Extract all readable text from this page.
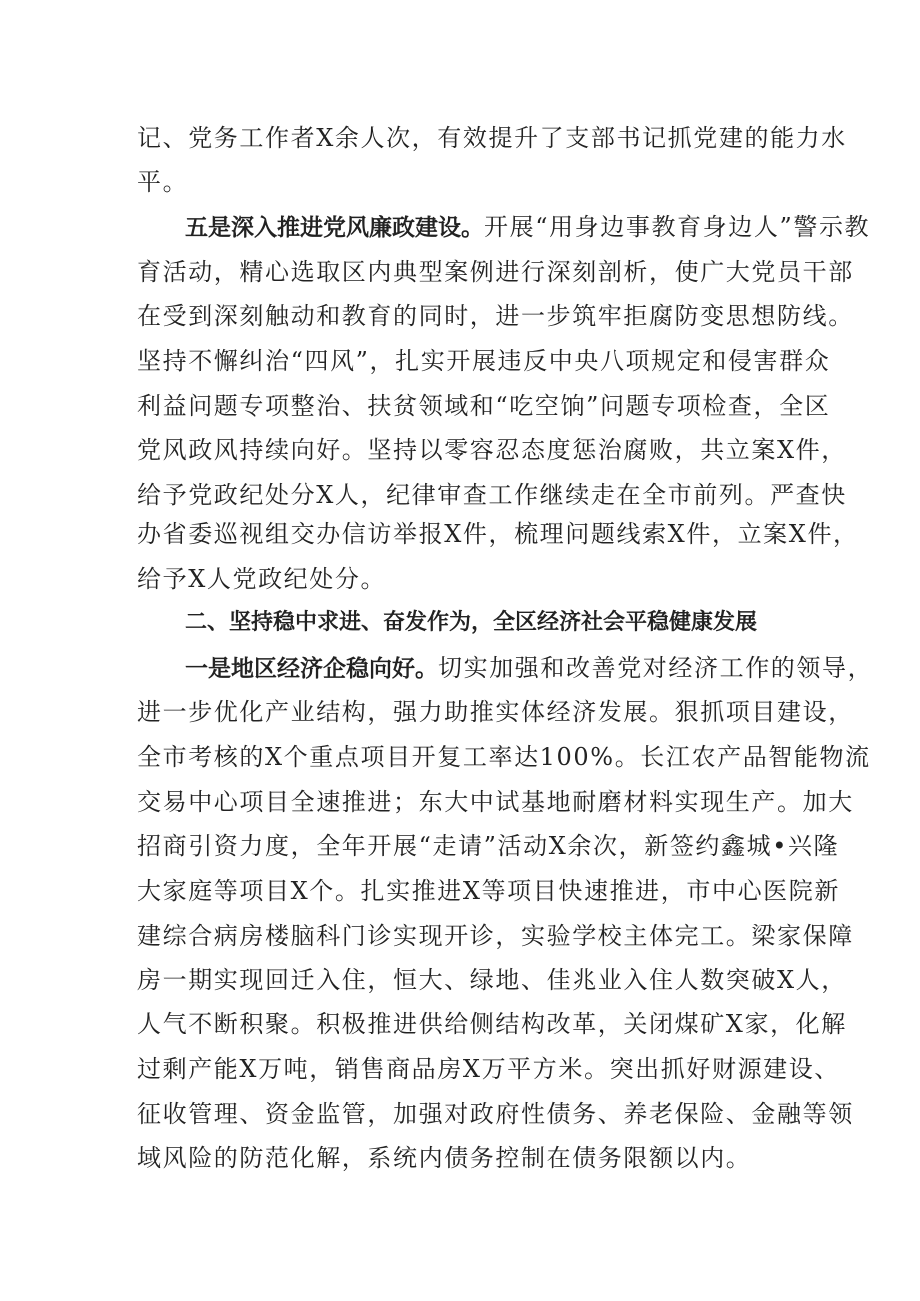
记、党务工作者X余人次，有效提升了支部书记抓党建的能力水

平。

五是深入推进党风廉政建设。开展“用身边事教育身边人”警示教

育活动，精心选取区内典型案例进行深刻剖析，使广大党员干部

在受到深刻触动和教育的同时，进一步筑牢拒腐防变思想防线。

坚持不懈纠治“四风”，扎实开展违反中央八项规定和侵害群众

利益问题专项整治、扶贫领域和“吃空饷”问题专项检查，全区

党风政风持续向好。坚持以零容忍态度惩治腐败，共立案X件，

给予党政纪处分X人，纪律审查工作继续走在全市前列。严查快

办省委巡视组交办信访举报X件，梳理问题线索X件，立案X件，

给予X人党政纪处分。

二、坚持稳中求进、奋发作为，全区经济社会平稳健康发展

一是地区经济企稳向好。切实加强和改善党对经济工作的领导，

进一步优化产业结构，强力助推实体经济发展。狠抓项目建设，

全市考核的X个重点项目开复工率达100%。长江农产品智能物流

交易中心项目全速推进；东大中试基地耐磨材料实现生产。加大

招商引资力度，全年开展“走请”活动X余次，新签约鑫城•兴隆

大家庭等项目X个。扎实推进X等项目快速推进，市中心医院新

建综合病房楼脑科门诊实现开诊，实验学校主体完工。梁家保障

房一期实现回迁入住，恒大、绿地、佳兆业入住人数突破X人，

人气不断积聚。积极推进供给侧结构改革，关闭煤矿X家，化解

过剩产能X万吨，销售商品房X万平方米。突出抓好财源建设、

征收管理、资金监管，加强对政府性债务、养老保险、金融等领

域风险的防范化解，系统内债务控制在债务限额以内。
